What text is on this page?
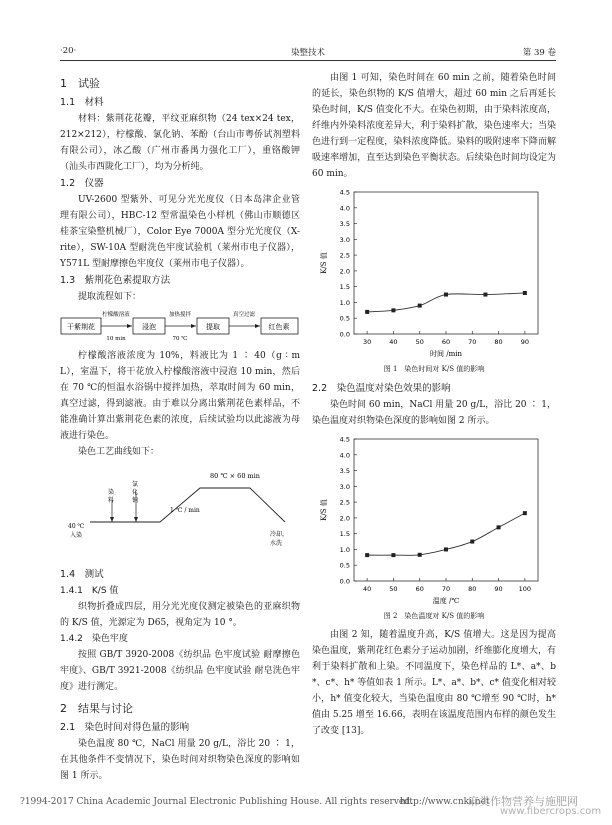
·20·	染整技术	第 39 卷
1　试验
1.1　材料
材料：紫荆花花瓣，平纹亚麻织物（24 tex×24 tex，212×212），柠檬酸、氯化钠、苯酚（台山市粤侨试剂塑料有限公司），冰乙酸（广州市番禺力强化工厂），重铬酸钾（汕头市西陇化工厂），均为分析纯。
1.2　仪器
UV-2600 型紫外、可见分光光度仪（日本岛津企业管理有限公司），HBC-12 型常温染色小样机（佛山市顺德区桂茶宝染整机械厂），Color Eye 7000A 型分光光度仪（X-rite），SW-10A 型耐洗色牢度试验机（莱州市电子仪器），Y571L 型耐摩擦色牢度仪（莱州市电子仪器）。
1.3　紫荆花色素提取方法
提取流程如下：
干紫荆花
柠檬酸溶液
10 min
浸泡
加热搅拌
70 ℃
提取
真空过滤
红色素
柠檬酸溶液浓度为 10%，料液比为 1 ∶ 40（g ∶ mL），室温下，将干花放入柠檬酸溶液中浸泡 10 min，然后在 70 ℃的恒温水浴锅中搅拌加热，萃取时间为 60 min，真空过滤，得到滤液。由于难以分离出紫荆花色素样品，不能准确计算出紫荆花色素的浓度，后续试验均以此滤液为母液进行染色。
染色工艺曲线如下：
80 ℃ × 60 min
40 ℃
入染
染
料
氯
化
钠
1 ℃ / min
冷却，
水洗
1.4　测试
1.4.1　K/S 值
织物折叠成四层，用分光光度仪测定被染色的亚麻织物的 K/S 值，光源定为 D65，视角定为 10 °。
1.4.2　染色牢度
按照 GB/T 3920-2008《纺织品 色牢度试验 耐摩擦色牢度》、GB/T 3921-2008《纺织品 色牢度试验 耐皂洗色牢度》进行测定。
2　结果与讨论
2.1　染色时间对得色量的影响
染色温度 80 ℃，NaCl 用量 20 g/L，浴比 20 ∶ 1，在其他条件不变情况下，染色时间对织物染色深度的影响如图 1 所示。
由图 1 可知，染色时间在 60 min 之前，随着染色时间的延长，染色织物的 K/S 值增大，超过 60 min 之后再延长染色时间，K/S 值变化不大。在染色初期，由于染料浓度高，纤维内外染料浓度差异大，利于染料扩散，染色速率大；当染色进行到一定程度，染料浓度降低。染料的吸附速率下降而解吸速率增加，直至达到染色平衡状态。后续染色时间均设定为 60 min。
0.0
0.5
1.0
1.5
2.0
2.5
3.0
3.5
4.0
4.5
30	40	50	60	70	80	90
时间 /min
K/S 值
图 1　染色时间对 K/S 值的影响
2.2　染色温度对染色效果的影响
染色时间 60 min，NaCl 用量 20 g/L，浴比 20 ∶ 1，染色温度对织物染色深度的影响如图 2 所示。
0.0
0.5
1.0
1.5
2.0
2.5
3.0
3.5
4.0
4.5
40	50	60	70	80	90 100
温度 /℃
K/S 值
图 2　染色温度对 K/S 值的影响
由图 2 知，随着温度升高，K/S 值增大。这是因为提高染色温度，紫荆花红色素分子运动加剧，纤维膨化度增大，有利于染料扩散和上染。不同温度下，染色样品的 L*、a*、b*、c*、h* 等值如表 1 所示。L*、a*、b*、c* 值变化相对较小，h* 值变化较大，当染色温度由 80 ℃增至 90 ℃时，h* 值由 5.25 增至 16.66，表明在该温度范围内布样的颜色发生了改变 [13]。
?1994-2017 China Academic Journal Electronic Publishing House. All rights reserved.
http://www.cnki.net
麻类作物营养与施肥网
www.fibercrops.com
